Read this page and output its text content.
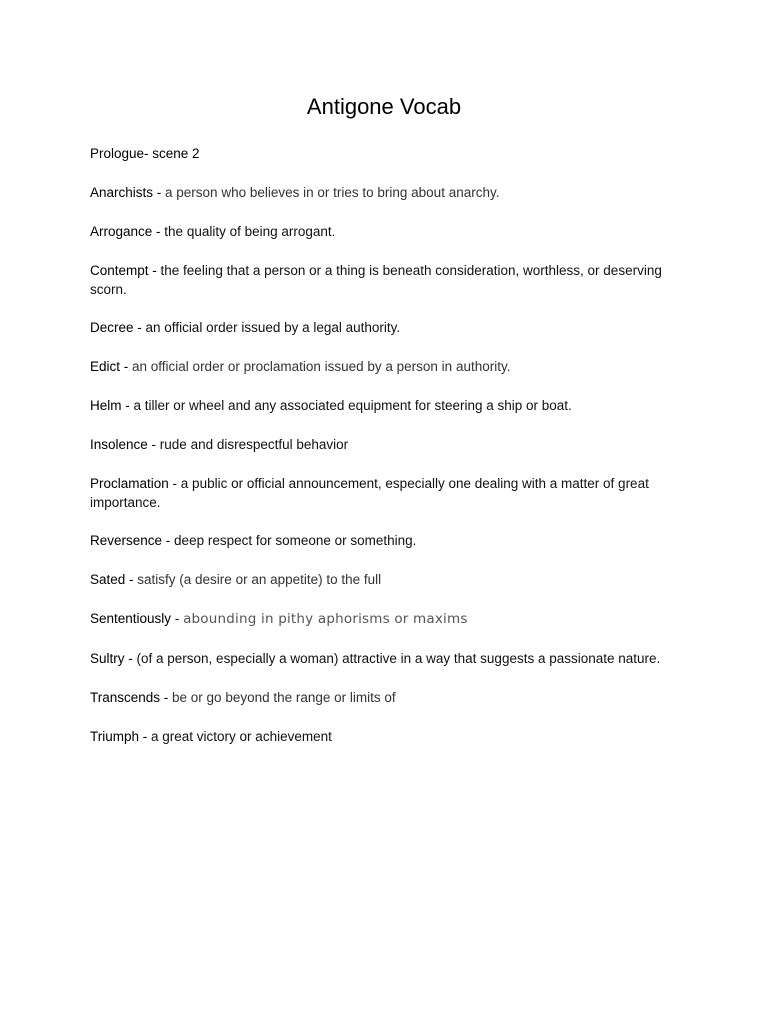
Antigone Vocab

Prologue- scene 2

Anarchists - a person who believes in or tries to bring about anarchy.

Arrogance - the quality of being arrogant.

Contempt - the feeling that a person or a thing is beneath consideration, worthless, or deserving scorn.

Decree - an official order issued by a legal authority.

Edict - an official order or proclamation issued by a person in authority.

Helm - a tiller or wheel and any associated equipment for steering a ship or boat.

Insolence - rude and disrespectful behavior

Proclamation - a public or official announcement, especially one dealing with a matter of great importance.

Reversence - deep respect for someone or something.

Sated - satisfy (a desire or an appetite) to the full

Sententiously - abounding in pithy aphorisms or maxims

Sultry - (of a person, especially a woman) attractive in a way that suggests a passionate nature.

Transcends - be or go beyond the range or limits of

Triumph - a great victory or achievement
